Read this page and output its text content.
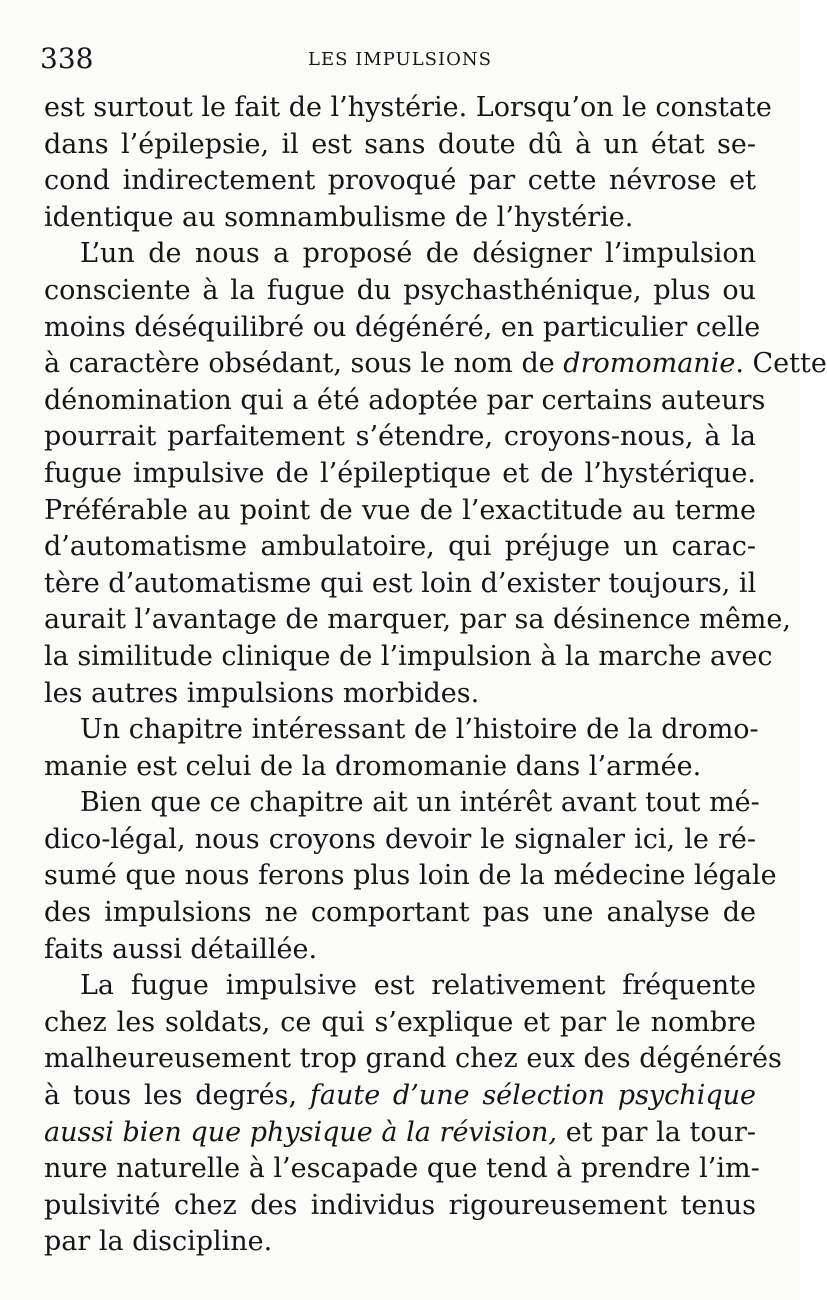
338	LES IMPULSIONS
est surtout le fait de l’hystérie. Lorsqu’on le constate
dans l’épilepsie, il est sans doute dû à un état se-
cond indirectement provoqué par cette névrose et
identique au somnambulisme de l’hystérie.
L’un de nous a proposé de désigner l’impulsion
consciente à la fugue du psychasthénique, plus ou
moins déséquilibré ou dégénéré, en particulier celle
à caractère obsédant, sous le nom de dromomanie. Cette
dénomination qui a été adoptée par certains auteurs
pourrait parfaitement s’étendre, croyons-nous, à la
fugue impulsive de l’épileptique et de l’hystérique.
Préférable au point de vue de l’exactitude au terme
d’automatisme ambulatoire, qui préjuge un carac-
tère d’automatisme qui est loin d’exister toujours, il
aurait l’avantage de marquer, par sa désinence même,
la similitude clinique de l’impulsion à la marche avec
les autres impulsions morbides.
Un chapitre intéressant de l’histoire de la dromo-
manie est celui de la dromomanie dans l’armée.
Bien que ce chapitre ait un intérêt avant tout mé-
dico-légal, nous croyons devoir le signaler ici, le ré-
sumé que nous ferons plus loin de la médecine légale
des impulsions ne comportant pas une analyse de
faits aussi détaillée.
La fugue impulsive est relativement fréquente
chez les soldats, ce qui s’explique et par le nombre
malheureusement trop grand chez eux des dégénérés
à tous les degrés, faute d’une sélection psychique
aussi bien que physique à la révision, et par la tour-
nure naturelle à l’escapade que tend à prendre l’im-
pulsivité chez des individus rigoureusement tenus
par la discipline.
